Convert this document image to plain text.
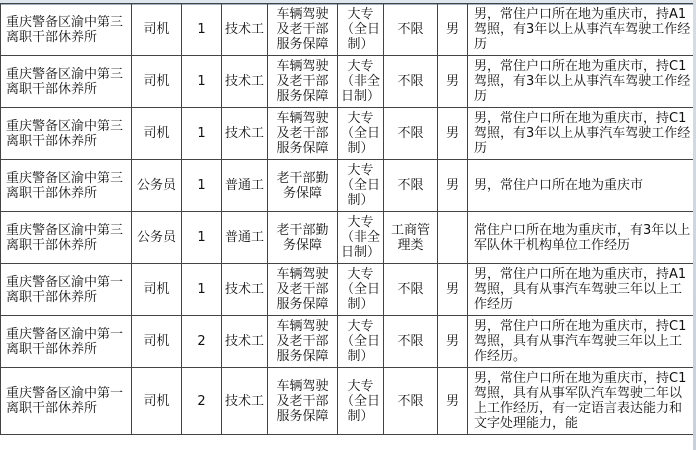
重庆警备区渝中第三离职干部休养所	司机	1	技术工	车辆驾驶及老干部服务保障	大专（全日制）	不限	男	男，常住户口所在地为重庆市，持A1驾照，有3年以上从事汽车驾驶工作经历
重庆警备区渝中第三离职干部休养所	司机	1	技术工	车辆驾驶及老干部服务保障	大专（非全日制）	不限	男	男，常住户口所在地为重庆市，持C1驾照，有3年以上从事汽车驾驶工作经历
重庆警备区渝中第三离职干部休养所	司机	1	技术工	车辆驾驶及老干部服务保障	大专（全日制）	不限	男	男，常住户口所在地为重庆市，持C1驾照，有3年以上从事汽车驾驶工作经历
重庆警备区渝中第三离职干部休养所	公务员	1	普通工	老干部勤务保障	大专（全日制）	不限	男	男，常住户口所在地为重庆市
重庆警备区渝中第三离职干部休养所	公务员	1	普通工	老干部勤务保障	大专（非全日制）	工商管理类		常住户口所在地为重庆市，有3年以上军队休干机构单位工作经历
重庆警备区渝中第一离职干部休养所	司机	1	技术工	车辆驾驶及老干部服务保障	大专（全日制）	不限	男	男，常住户口所在地为重庆市，持A1驾照，具有从事汽车驾驶三年以上工作经历
重庆警备区渝中第一离职干部休养所	司机	2	技术工	车辆驾驶及老干部服务保障	大专（全日制）	不限	男	男，常住户口所在地为重庆市，持C1驾照，具有从事汽车驾驶三年以上工作经历。
重庆警备区渝中第一离职干部休养所	司机	2	技术工	车辆驾驶及老干部服务保障	大专（全日制）	不限	男	男，常住户口所在地为重庆市，持C1驾照，具有从事军队汽车驾驶二年以上工作经历，有一定语言表达能力和文字处理能力，能
